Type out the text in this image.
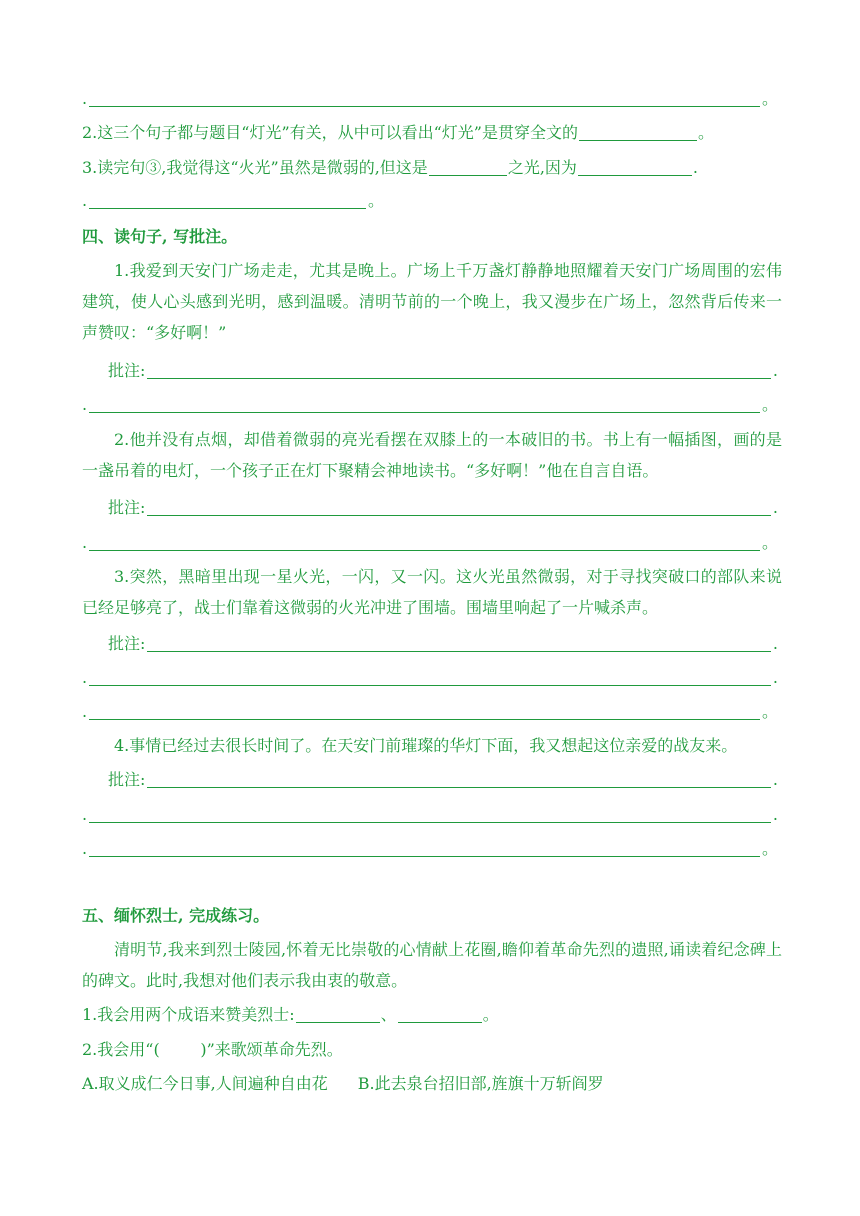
.	。
2.这三个句子都与题目“灯光”有关，从中可以看出“灯光”是贯穿全文的	。
3.读完句③,我觉得这“火光”虽然是微弱的,但这是	之光,因为	.
.	。
四、读句子, 写批注。
1.我爱到天安门广场走走，尤其是晚上。广场上千万盏灯静静地照耀着天安门广场周围的宏伟建筑，使人心头感到光明，感到温暖。清明节前的一个晚上，我又漫步在广场上，忽然背后传来一声赞叹：“多好啊！”
批注:	.
.	。
2.他并没有点烟，却借着微弱的亮光看摆在双膝上的一本破旧的书。书上有一幅插图，画的是一盏吊着的电灯，一个孩子正在灯下聚精会神地读书。“多好啊！”他在自言自语。
批注:	.
.	。
3.突然，黑暗里出现一星火光，一闪，又一闪。这火光虽然微弱，对于寻找突破口的部队来说已经足够亮了，战士们靠着这微弱的火光冲进了围墙。围墙里响起了一片喊杀声。
批注:	.
.	.
.	。
4.事情已经过去很长时间了。在天安门前璀璨的华灯下面，我又想起这位亲爱的战友来。
批注:	.
.	.
.	。
五、缅怀烈士, 完成练习。
清明节,我来到烈士陵园,怀着无比崇敬的心情献上花圈,瞻仰着革命先烈的遗照,诵读着纪念碑上的碑文。此时,我想对他们表示我由衷的敬意。
1.我会用两个成语来赞美烈士:	、	。
2.我会用“(        )”来歌颂革命先烈。
A.取义成仁今日事,人间遍种自由花 B.此去泉台招旧部,旌旗十万斩阎罗
